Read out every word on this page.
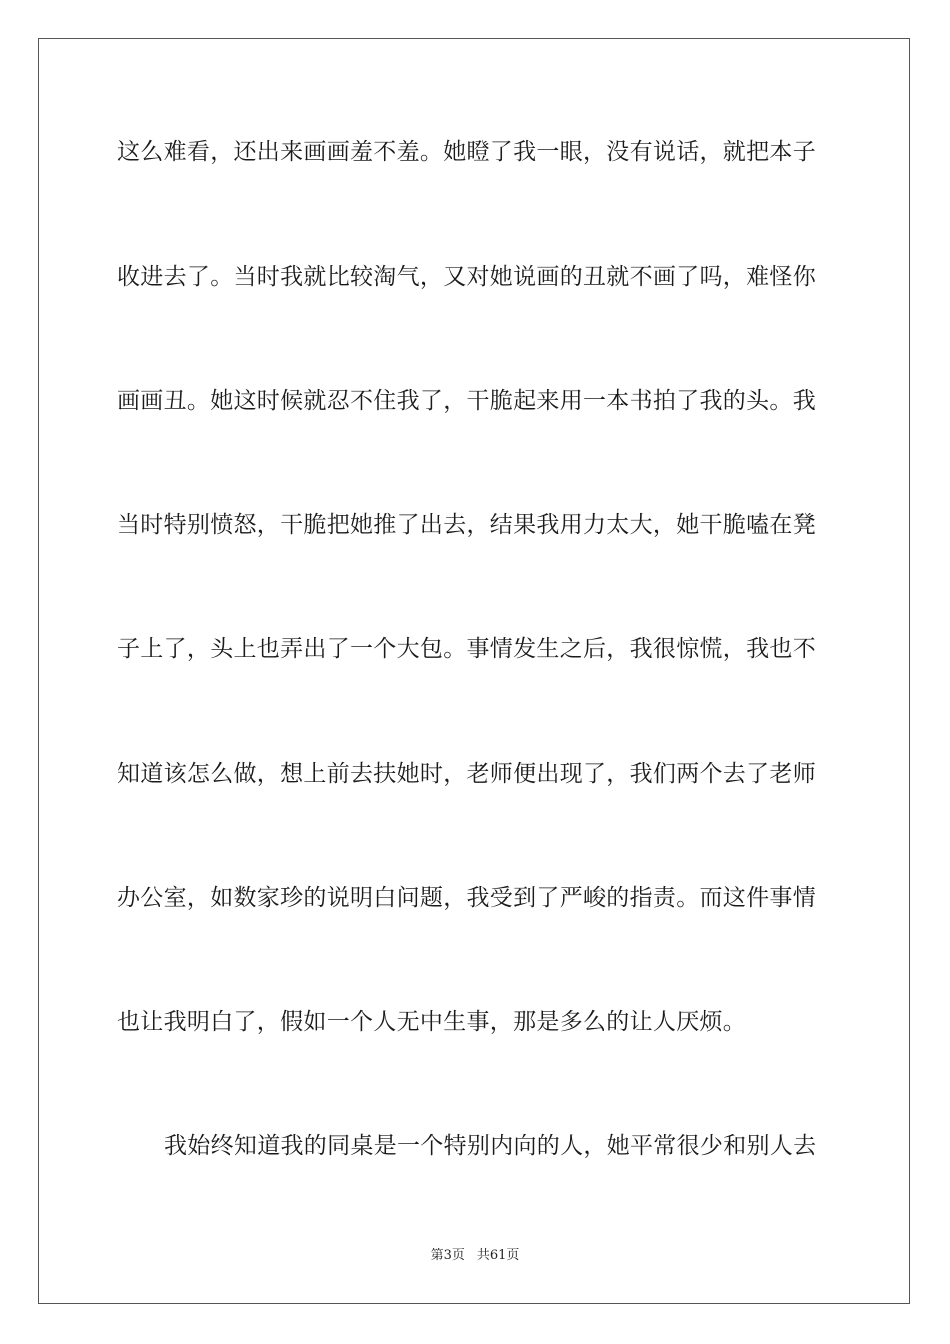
这么难看，还出来画画羞不羞。她瞪了我一眼，没有说话，就把本子
收进去了。当时我就比较淘气，又对她说画的丑就不画了吗，难怪你
画画丑。她这时候就忍不住我了，干脆起来用一本书拍了我的头。我
当时特别愤怒，干脆把她推了出去，结果我用力太大，她干脆嗑在凳
子上了，头上也弄出了一个大包。事情发生之后，我很惊慌，我也不
知道该怎么做，想上前去扶她时，老师便出现了，我们两个去了老师
办公室，如数家珍的说明白问题，我受到了严峻的指责。而这件事情
也让我明白了，假如一个人无中生事，那是多么的让人厌烦。
我始终知道我的同桌是一个特别内向的人，她平常很少和别人去
第3页 共61页
